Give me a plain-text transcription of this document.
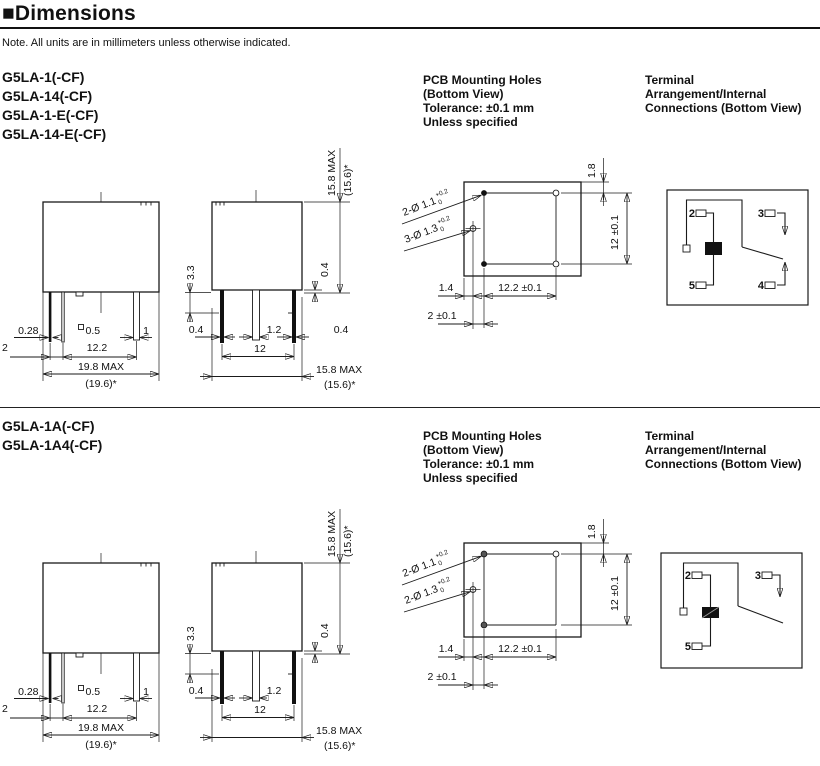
■Dimensions
Note. All units are in millimeters unless otherwise indicated.
G5LA-1(-CF)
G5LA-14(-CF)
G5LA-1-E(-CF)
G5LA-14-E(-CF)
PCB Mounting Holes
(Bottom View)
Tolerance: ±0.1 mm
Unless specified
Terminal
Arrangement/Internal
Connections (Bottom View)
0.28	0.5	1
2	12.2
19.8 MAX
(19.6)*
15.8 MAX (15.6)*
3.3	0.4
0.4	1.2	0.4
12
15.8 MAX
(15.6)*
2-Ø 1.1
+0.2
0
3-Ø 1.3
+0.2
0
1.8
12 ±0.1
1.4	12.2 ±0.1
2 ±0.1
2	3
5	4
G5LA-1A(-CF)
G5LA-1A4(-CF)
PCB Mounting Holes
(Bottom View)
Tolerance: ±0.1 mm
Unless specified
Terminal
Arrangement/Internal
Connections (Bottom View)
0.28	0.5	1
2	12.2
19.8 MAX
(19.6)*
15.8 MAX (15.6)*
3.3	0.4
0.4	1.2
12
15.8 MAX
(15.6)*
2-Ø 1.1
+0.2
0
2-Ø 1.3
+0.2
0
1.8
12 ±0.1
1.4	12.2 ±0.1
2 ±0.1
2	3
5
